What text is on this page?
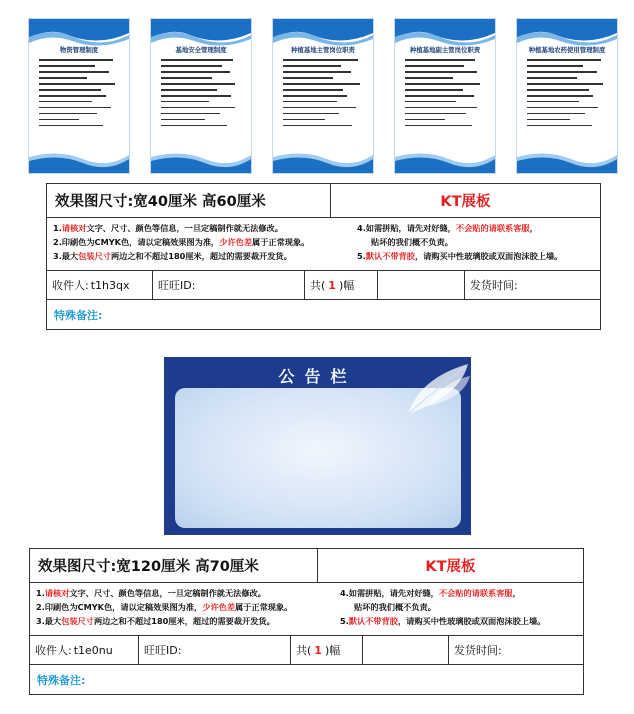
物资管理制度	基地安全管理制度	种植基地主管岗位职责	种植基地副主管岗位职责	种植基地农药使用管理制度
效果图尺寸:宽40厘米 高60厘米	KT展板
1.请核对文字、尺寸、颜色等信息，一旦定稿制作就无法修改。
2.印刷色为CMYK色，请以定稿效果图为准，少许色差属于正常现象。
3.最大包装尺寸两边之和不超过180厘米，超过的需要裁开发货。
4.如需拼贴，请先对好缝，不会贴的请联系客服，
贴坏的我们概不负责。
5.默认不带背胶，请购买中性玻璃胶或双面泡沫胶上墙。
收件人: t1h3qx	旺旺ID:	共( 1 )幅	发货时间:
特殊备注:
公告栏
效果图尺寸:宽120厘米 高70厘米	KT展板
1.请核对文字、尺寸、颜色等信息，一旦定稿制作就无法修改。
2.印刷色为CMYK色，请以定稿效果图为准，少许色差属于正常现象。
3.最大包装尺寸两边之和不超过180厘米，超过的需要裁开发货。
4.如需拼贴，请先对好缝，不会贴的请联系客服，
贴坏的我们概不负责。
5.默认不带背胶，请购买中性玻璃胶或双面泡沫胶上墙。
收件人: t1e0nu	旺旺ID:	共( 1 )幅	发货时间:
特殊备注:
